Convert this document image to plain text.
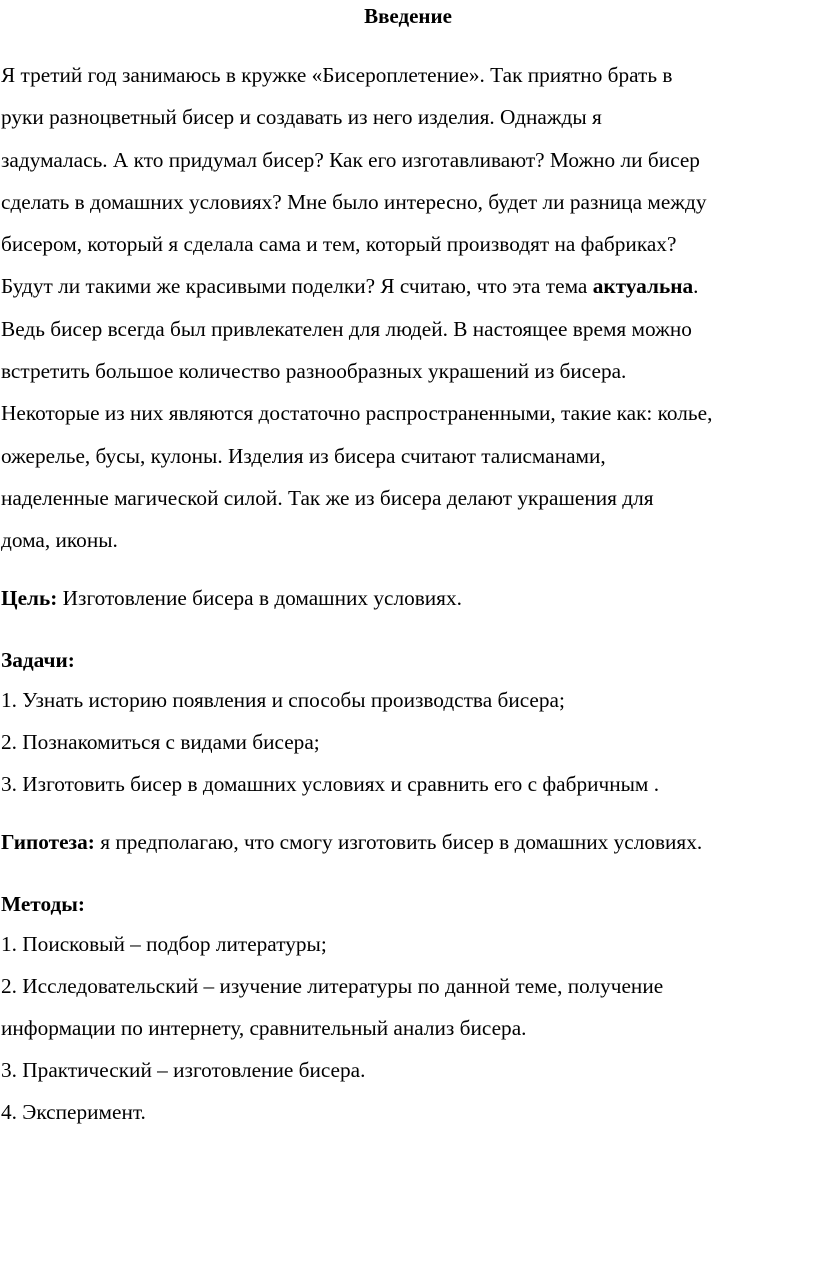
Введение
Я третий год занимаюсь в кружке «Бисероплетение». Так приятно брать в
руки разноцветный бисер и создавать из него изделия. Однажды я
задумалась. А кто придумал бисер? Как его изготавливают? Можно ли бисер
сделать в домашних условиях? Мне было интересно, будет ли разница между
бисером, который я сделала сама и тем, который производят на фабриках?
Будут ли такими же красивыми поделки? Я считаю, что эта тема актуальна.
Ведь бисер всегда был привлекателен для людей. В настоящее время можно
встретить большое количество разнообразных украшений из бисера.
Некоторые из них являются достаточно распространенными, такие как: колье,
ожерелье, бусы, кулоны. Изделия из бисера считают талисманами,
наделенные магической силой. Так же из бисера делают украшения для
дома, иконы.
Цель: Изготовление бисера в домашних условиях.
Задачи:
1. Узнать историю появления и способы производства бисера;
2. Познакомиться с видами бисера;
3. Изготовить бисер в домашних условиях и сравнить его с фабричным .
Гипотеза: я предполагаю, что смогу изготовить бисер в домашних условиях.
Методы:
1. Поисковый – подбор литературы;
2. Исследовательский – изучение литературы по данной теме, получение
информации по интернету, сравнительный анализ бисера.
3. Практический – изготовление бисера.
4. Эксперимент.
